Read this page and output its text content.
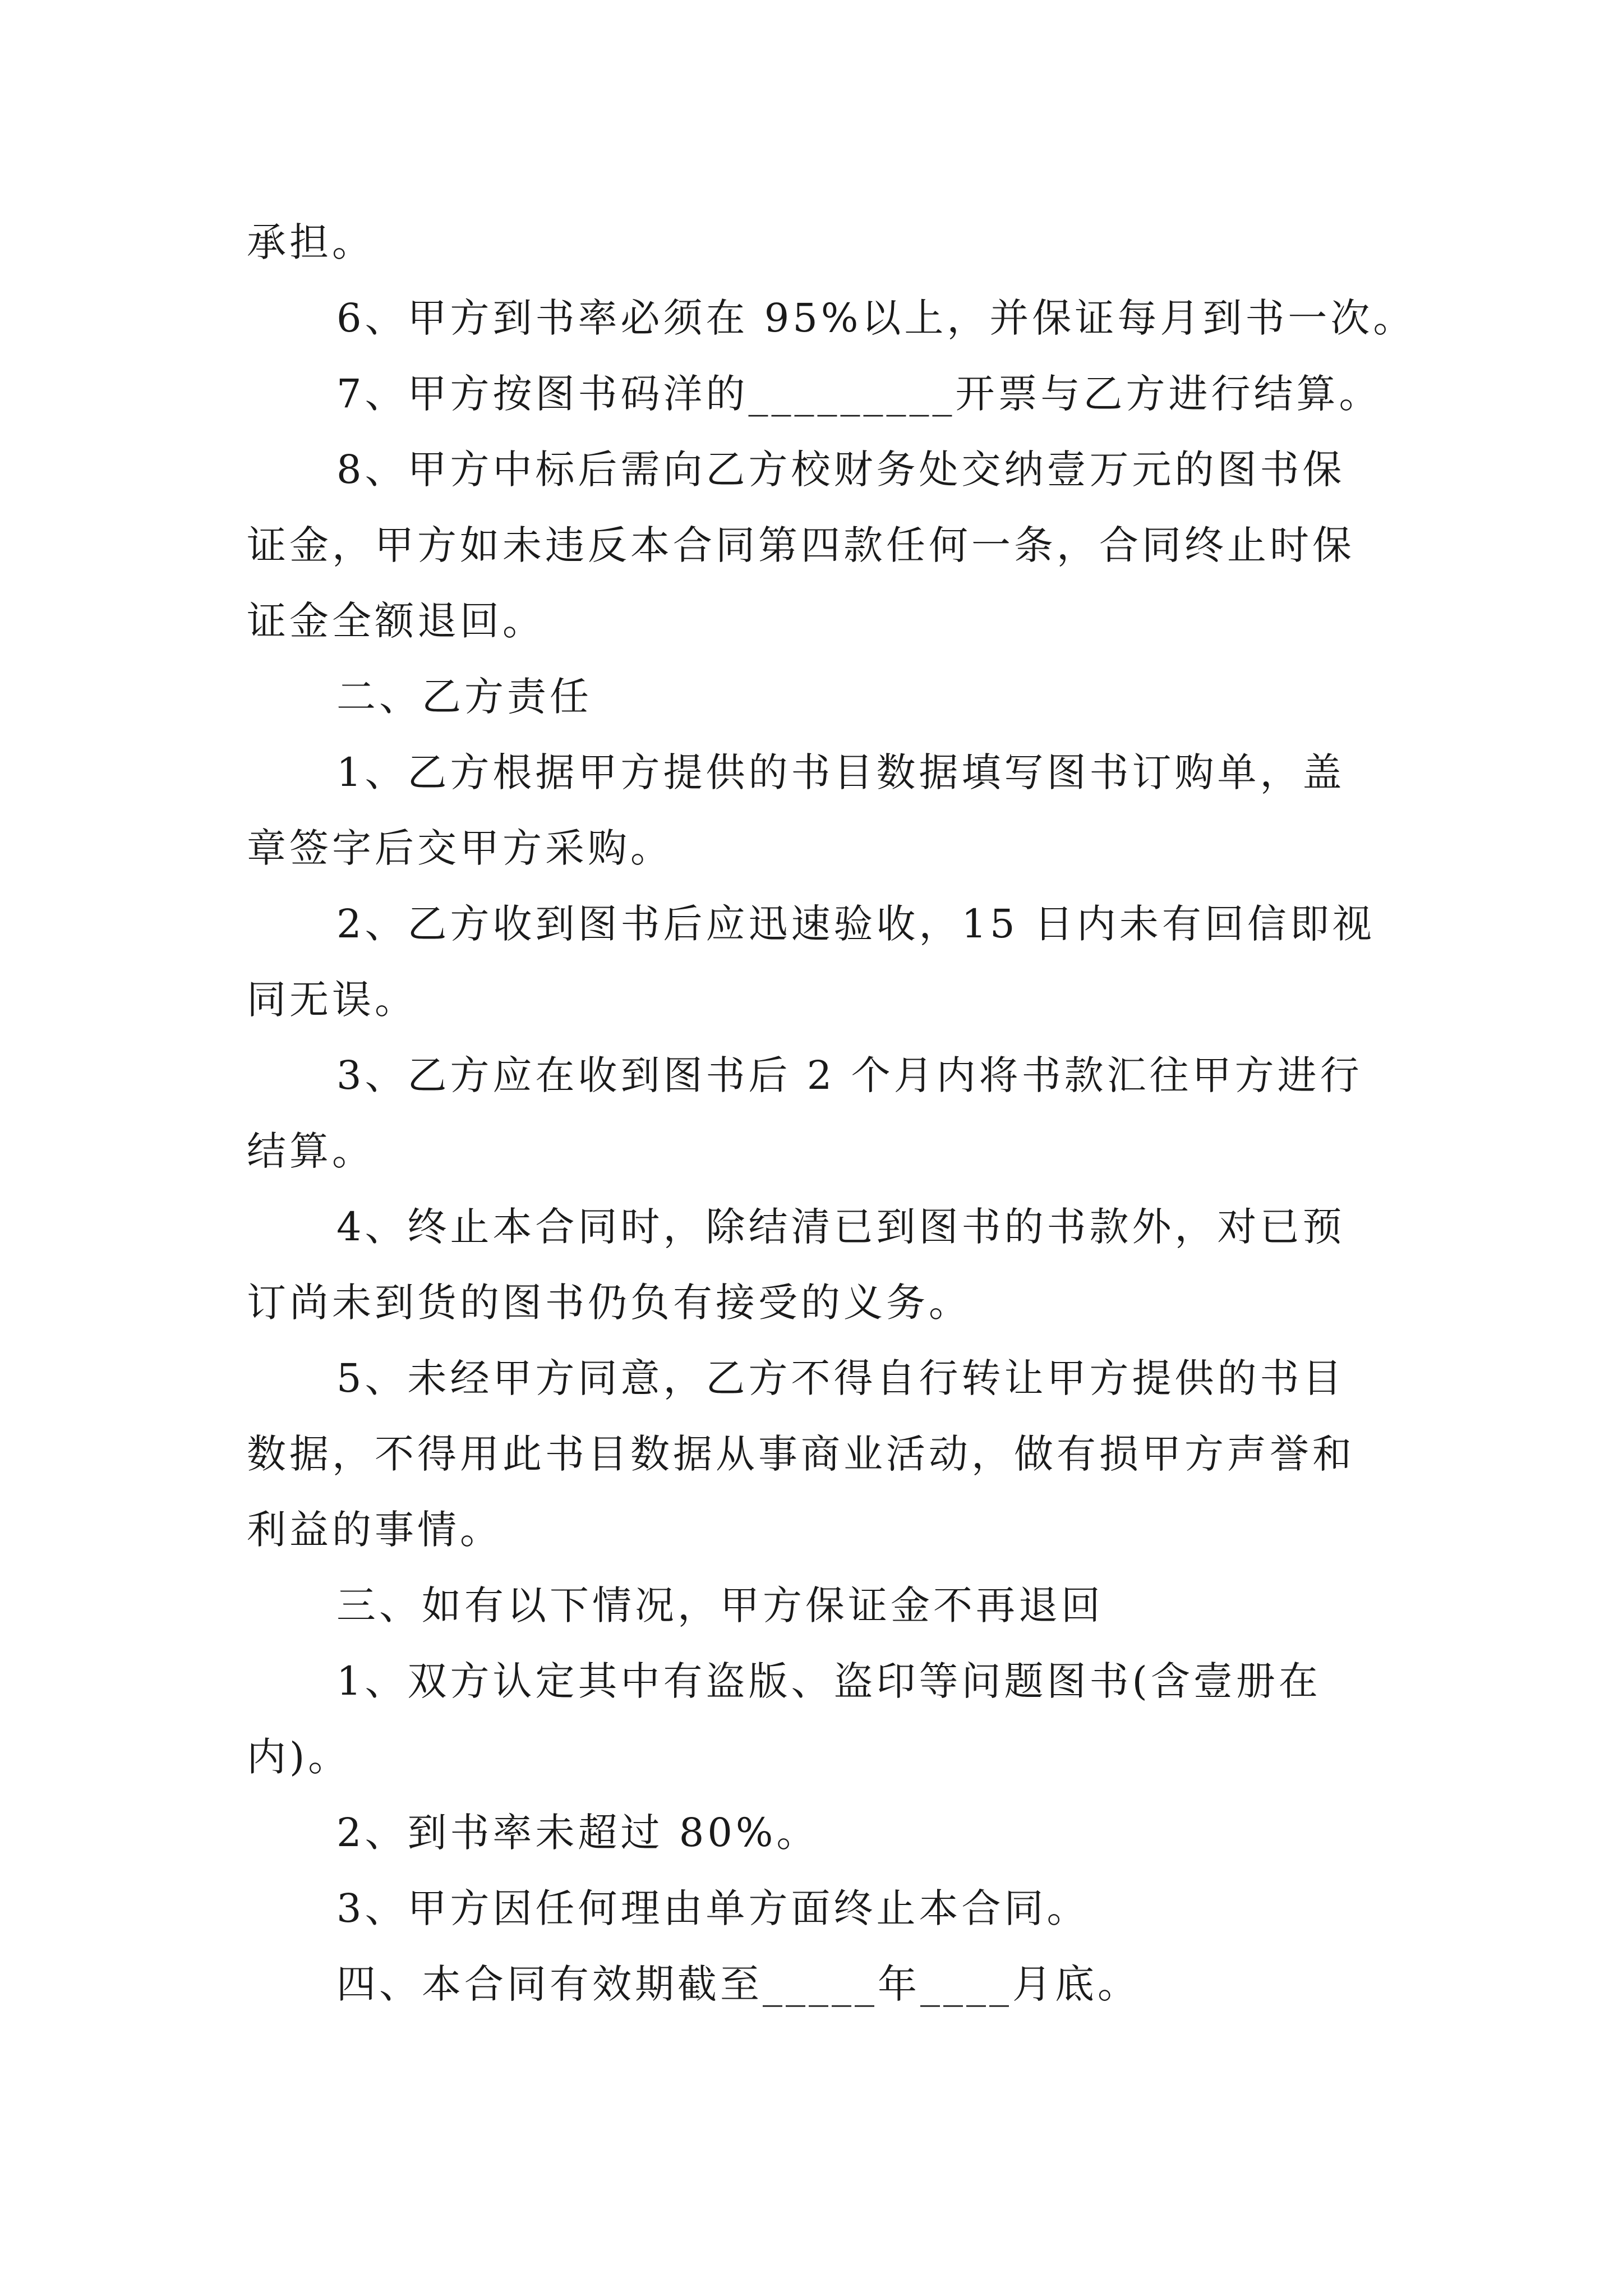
承担。

6、甲方到书率必须在 95%以上，并保证每月到书一次。

7、甲方按图书码洋的_________开票与乙方进行结算。

8、甲方中标后需向乙方校财务处交纳壹万元的图书保

证金，甲方如未违反本合同第四款任何一条，合同终止时保

证金全额退回。

二、乙方责任

1、乙方根据甲方提供的书目数据填写图书订购单，盖

章签字后交甲方采购。

2、乙方收到图书后应迅速验收，15 日内未有回信即视

同无误。

3、乙方应在收到图书后 2 个月内将书款汇往甲方进行

结算。

4、终止本合同时，除结清已到图书的书款外，对已预

订尚未到货的图书仍负有接受的义务。

5、未经甲方同意，乙方不得自行转让甲方提供的书目

数据，不得用此书目数据从事商业活动，做有损甲方声誉和

利益的事情。

三、如有以下情况，甲方保证金不再退回

1、双方认定其中有盗版、盗印等问题图书(含壹册在

内)。

2、到书率未超过 80%。

3、甲方因任何理由单方面终止本合同。

四、本合同有效期截至_____年____月底。
